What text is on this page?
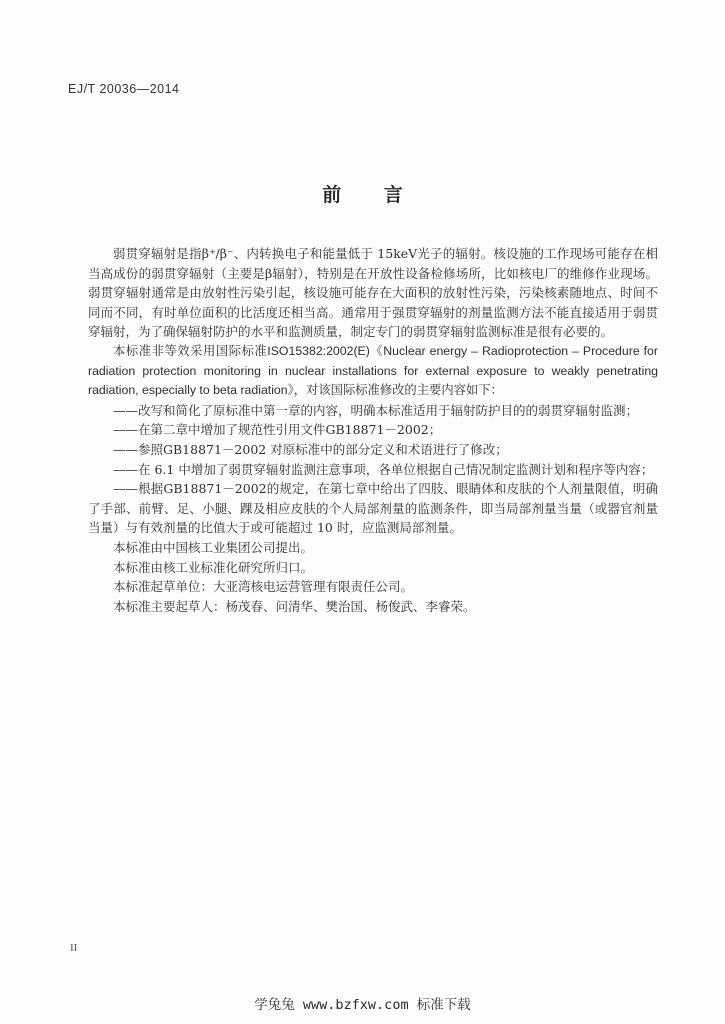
EJ/T 20036—2014
前 言

弱贯穿辐射是指β⁺/β⁻、内转换电子和能量低于 15keV光子的辐射。核设施的工作现场可能存在相当高成份的弱贯穿辐射（主要是β辐射），特别是在开放性设备检修场所，比如核电厂的维修作业现场。弱贯穿辐射通常是由放射性污染引起，核设施可能存在大面积的放射性污染，污染核素随地点、时间不同而不同，有时单位面积的比活度还相当高。通常用于强贯穿辐射的剂量监测方法不能直接适用于弱贯穿辐射，为了确保辐射防护的水平和监测质量，制定专门的弱贯穿辐射监测标准是很有必要的。

本标准非等效采用国际标准ISO15382:2002(E)《Nuclear energy – Radioprotection – Procedure for radiation protection monitoring in nuclear installations for external exposure to weakly penetrating radiation, especially to beta radiation》，对该国际标准修改的主要内容如下：

——改写和简化了原标准中第一章的内容，明确本标准适用于辐射防护目的的弱贯穿辐射监测；

——在第二章中增加了规范性引用文件GB18871－2002；

——参照GB18871－2002 对原标准中的部分定义和术语进行了修改；

——在 6.1 中增加了弱贯穿辐射监测注意事项，各单位根据自己情况制定监测计划和程序等内容；

——根据GB18871－2002的规定，在第七章中给出了四肢、眼睛体和皮肤的个人剂量限值，明确了手部、前臂、足、小腿、踝及相应皮肤的个人局部剂量的监测条件，即当局部剂量当量（或器官剂量当量）与有效剂量的比值大于或可能超过 10 时，应监测局部剂量。

本标准由中国核工业集团公司提出。

本标准由核工业标准化研究所归口。

本标准起草单位：大亚湾核电运营管理有限责任公司。

本标准主要起草人：杨茂春、问清华、樊治国、杨俊武、李睿荣。

II
学兔兔 www.bzfxw.com 标准下载
